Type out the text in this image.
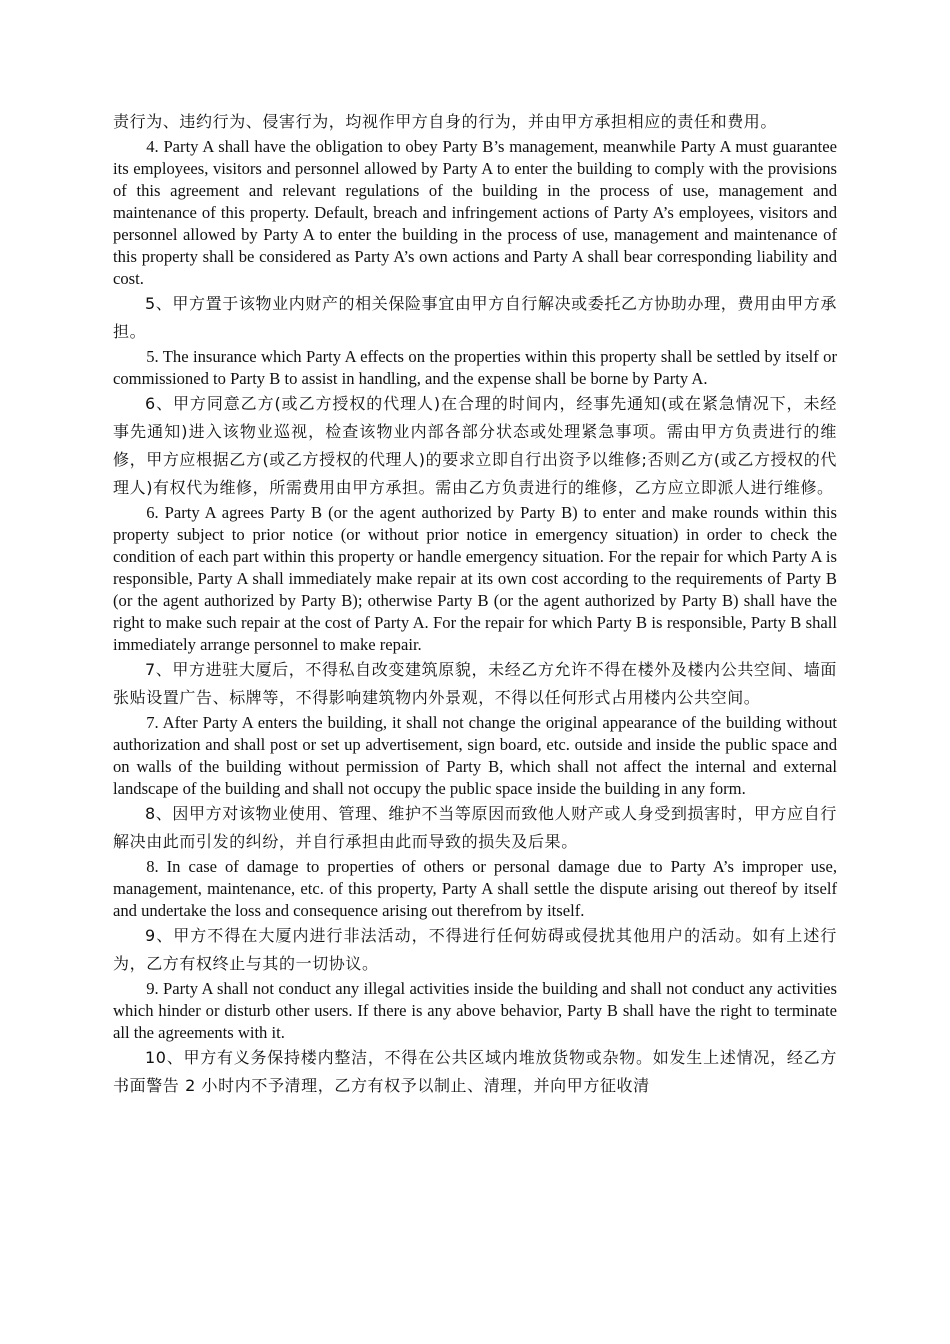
责行为、违约行为、侵害行为，均视作甲方自身的行为，并由甲方承担相应的责任和费用。

4. Party A shall have the obligation to obey Party B’s management, meanwhile Party A must guarantee its employees, visitors and personnel allowed by Party A to enter the building to comply with the provisions of this agreement and relevant regulations of the building in the process of use, management and maintenance of this property. Default, breach and infringement actions of Party A’s employees, visitors and personnel allowed by Party A to enter the building in the process of use, management and maintenance of this property shall be considered as Party A’s own actions and Party A shall bear corresponding liability and cost.

5、甲方置于该物业内财产的相关保险事宜由甲方自行解决或委托乙方协助办理，费用由甲方承担。

5. The insurance which Party A effects on the properties within this property shall be settled by itself or commissioned to Party B to assist in handling, and the expense shall be borne by Party A.

6、甲方同意乙方(或乙方授权的代理人)在合理的时间内，经事先通知(或在紧急情况下，未经事先通知)进入该物业巡视，检查该物业内部各部分状态或处理紧急事项。需由甲方负责进行的维修，甲方应根据乙方(或乙方授权的代理人)的要求立即自行出资予以维修;否则乙方(或乙方授权的代理人)有权代为维修，所需费用由甲方承担。需由乙方负责进行的维修，乙方应立即派人进行维修。

6. Party A agrees Party B (or the agent authorized by Party B) to enter and make rounds within this property subject to prior notice (or without prior notice in emergency situation) in order to check the condition of each part within this property or handle emergency situation. For the repair for which Party A is responsible, Party A shall immediately make repair at its own cost according to the requirements of Party B (or the agent authorized by Party B); otherwise Party B (or the agent authorized by Party B) shall have the right to make such repair at the cost of Party A. For the repair for which Party B is responsible, Party B shall immediately arrange personnel to make repair.

7、甲方进驻大厦后，不得私自改变建筑原貌，未经乙方允许不得在楼外及楼内公共空间、墙面张贴设置广告、标牌等，不得影响建筑物内外景观，不得以任何形式占用楼内公共空间。

7. After Party A enters the building, it shall not change the original appearance of the building without authorization and shall post or set up advertisement, sign board, etc. outside and inside the public space and on walls of the building without permission of Party B, which shall not affect the internal and external landscape of the building and shall not occupy the public space inside the building in any form.

8、因甲方对该物业使用、管理、维护不当等原因而致他人财产或人身受到损害时，甲方应自行解决由此而引发的纠纷，并自行承担由此而导致的损失及后果。

8. In case of damage to properties of others or personal damage due to Party A’s improper use, management, maintenance, etc. of this property, Party A shall settle the dispute arising out thereof by itself and undertake the loss and consequence arising out therefrom by itself.

9、甲方不得在大厦内进行非法活动，不得进行任何妨碍或侵扰其他用户的活动。如有上述行为，乙方有权终止与其的一切协议。

9. Party A shall not conduct any illegal activities inside the building and shall not conduct any activities which hinder or disturb other users. If there is any above behavior, Party B shall have the right to terminate all the agreements with it.

10、甲方有义务保持楼内整洁，不得在公共区域内堆放货物或杂物。如发生上述情况，经乙方书面警告 2 小时内不予清理，乙方有权予以制止、清理，并向甲方征收清
